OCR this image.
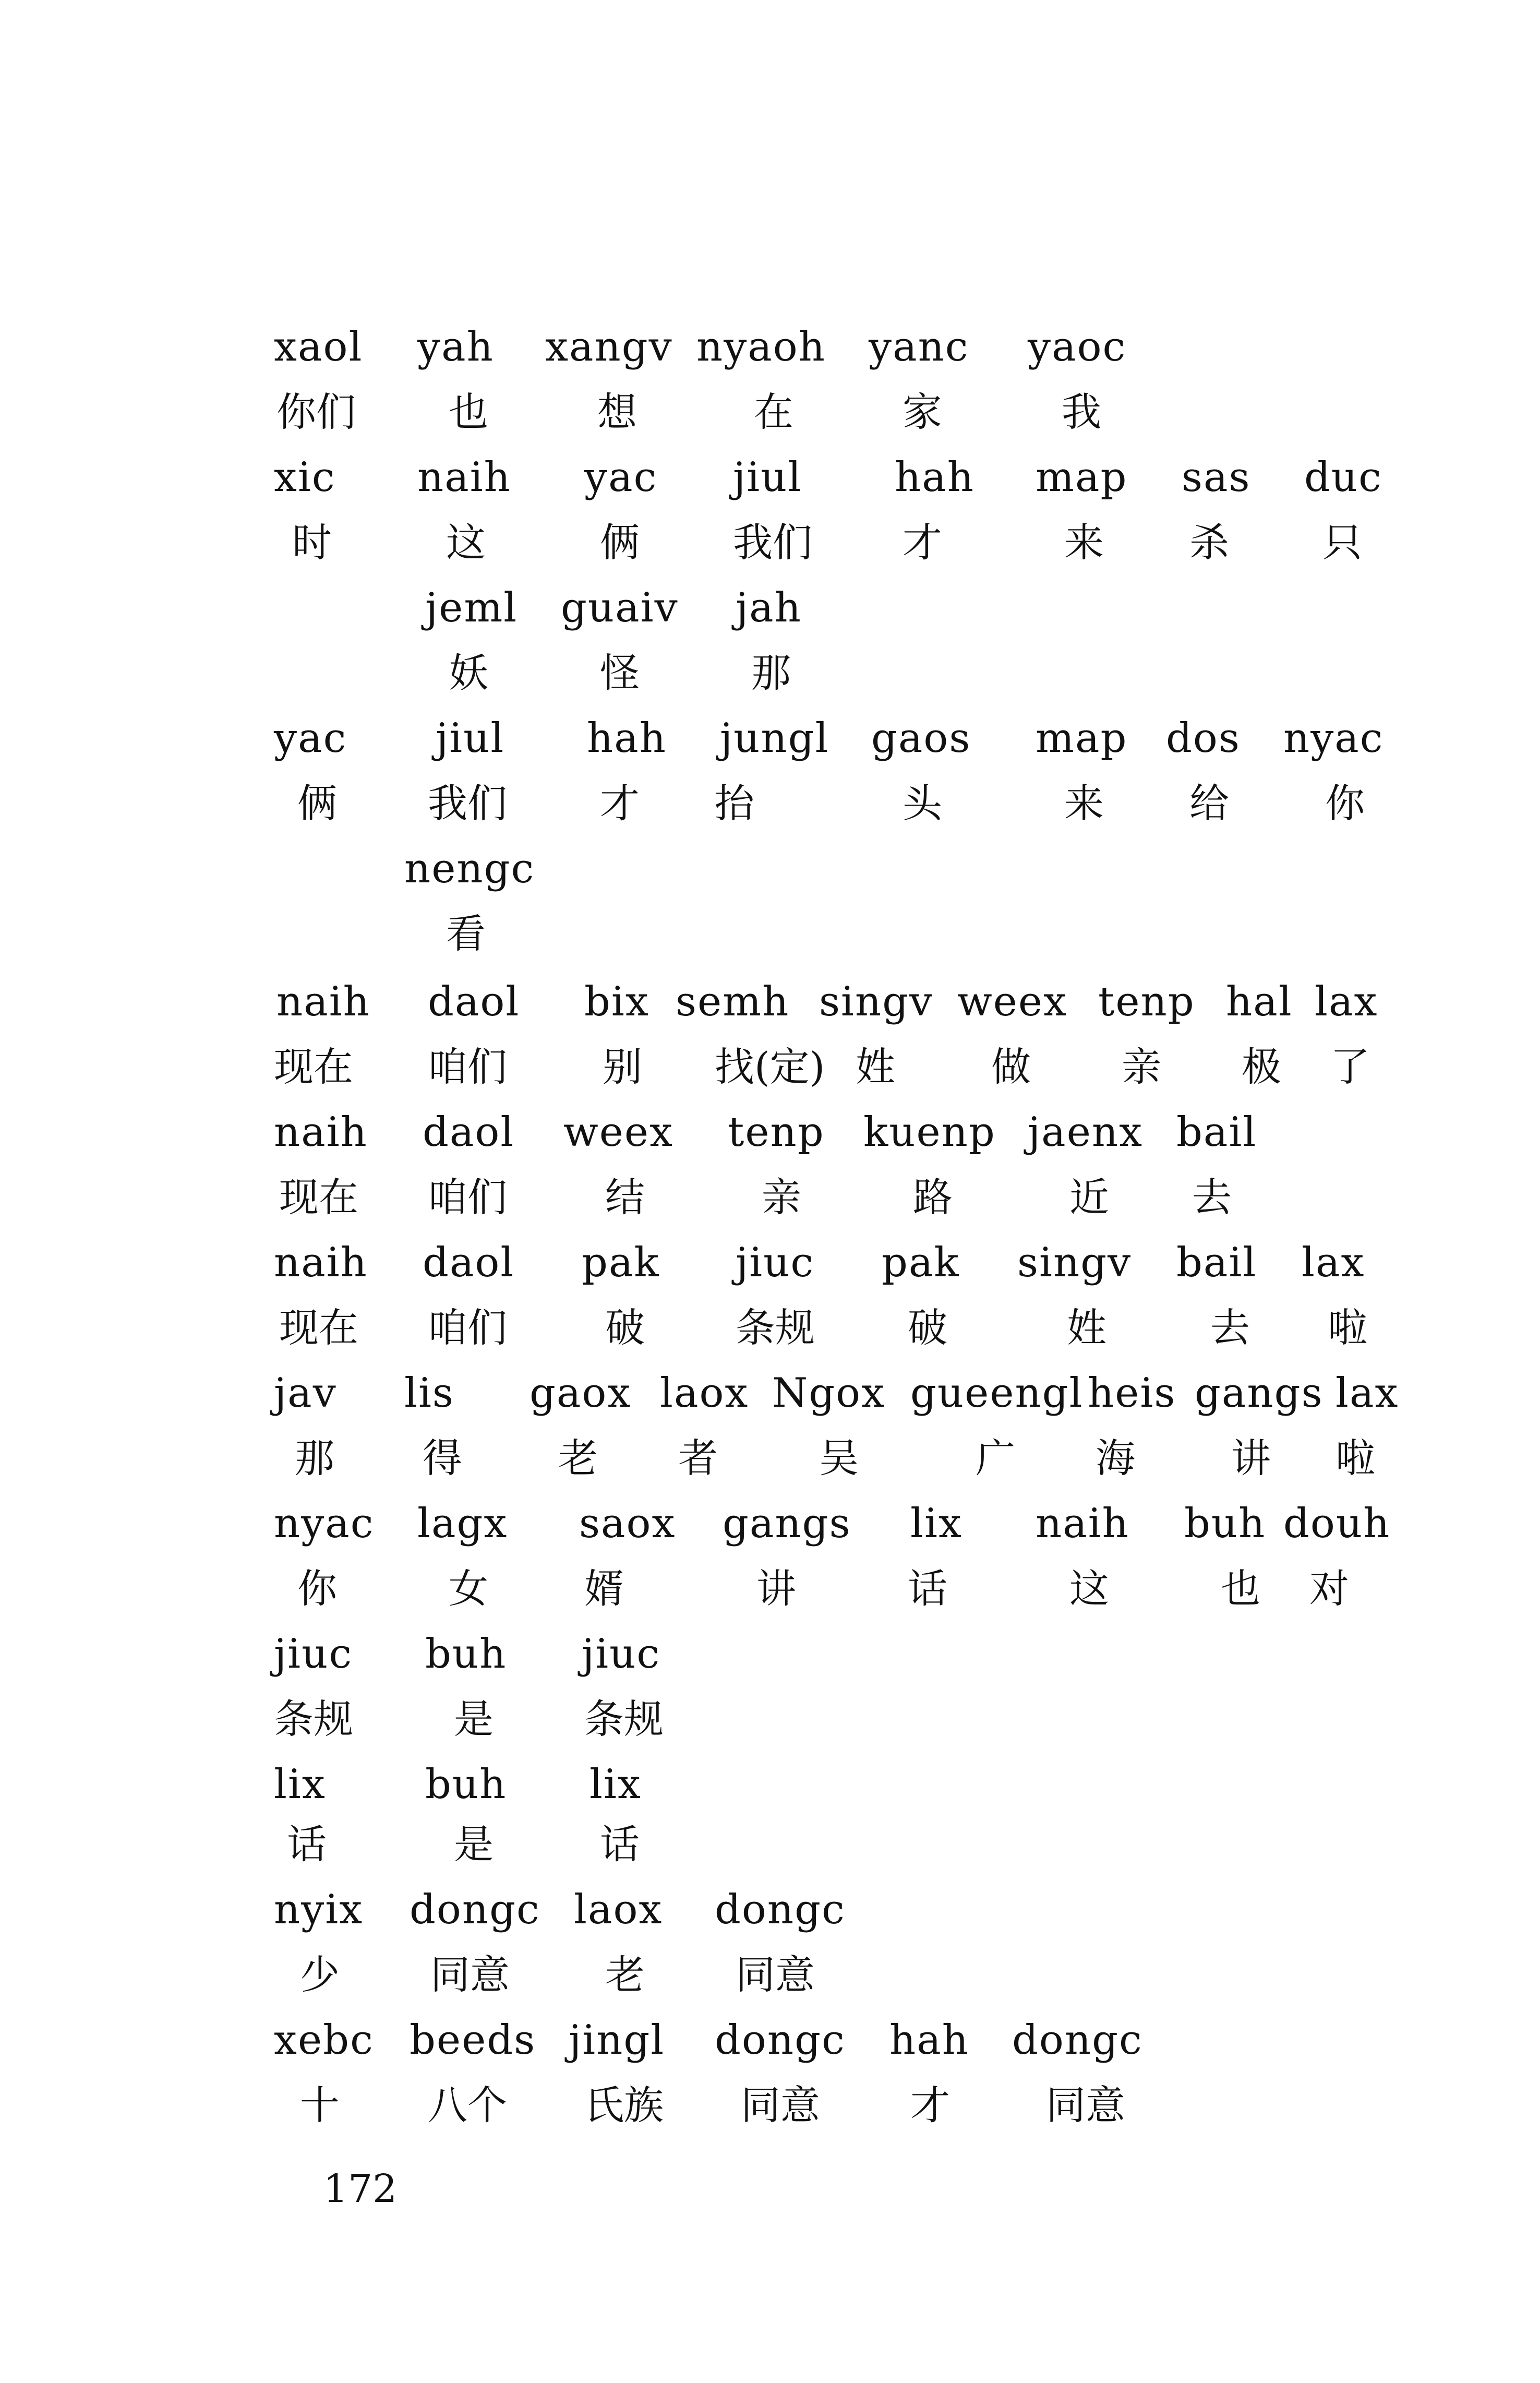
xaol yah xangv nyaoh yanc yaoc
你们 也	想	在	家	我
xic naih yac jiul hah map sas duc
时	这	俩 我们 才	来 杀 只
jeml guaiv jah
妖	怪	那
yac jiul hah jungl gaos map dos nyac
俩 我们 才 抬	头	来 给 你
nengc
看
naih daol bix semh singv weex tenp hal lax
现在 咱们 别 找(定) 姓 做 亲 极 了
naih daol weex tenp kuenp jaenx bail
现在 咱们 结	亲	路	近 去
naih daol pak jiuc pak singv bail lax
现在 咱们 破 条规 破	姓	去 啦
jav lis gaox laox Ngox gueengl heis gangs lax
那 得 老 者	吴	广 海 讲 啦
nyac lagx saox gangs lix naih buh douh
你	女 婿	讲	话	这	也 对
jiuc buh jiuc
条规	是 条规
lix buh lix
话	是	话
nyix dongc laox dongc
少 同意 老 同意
xebc beeds jingl dongc hah dongc
十 八个 氏族 同意 才 同意
172
